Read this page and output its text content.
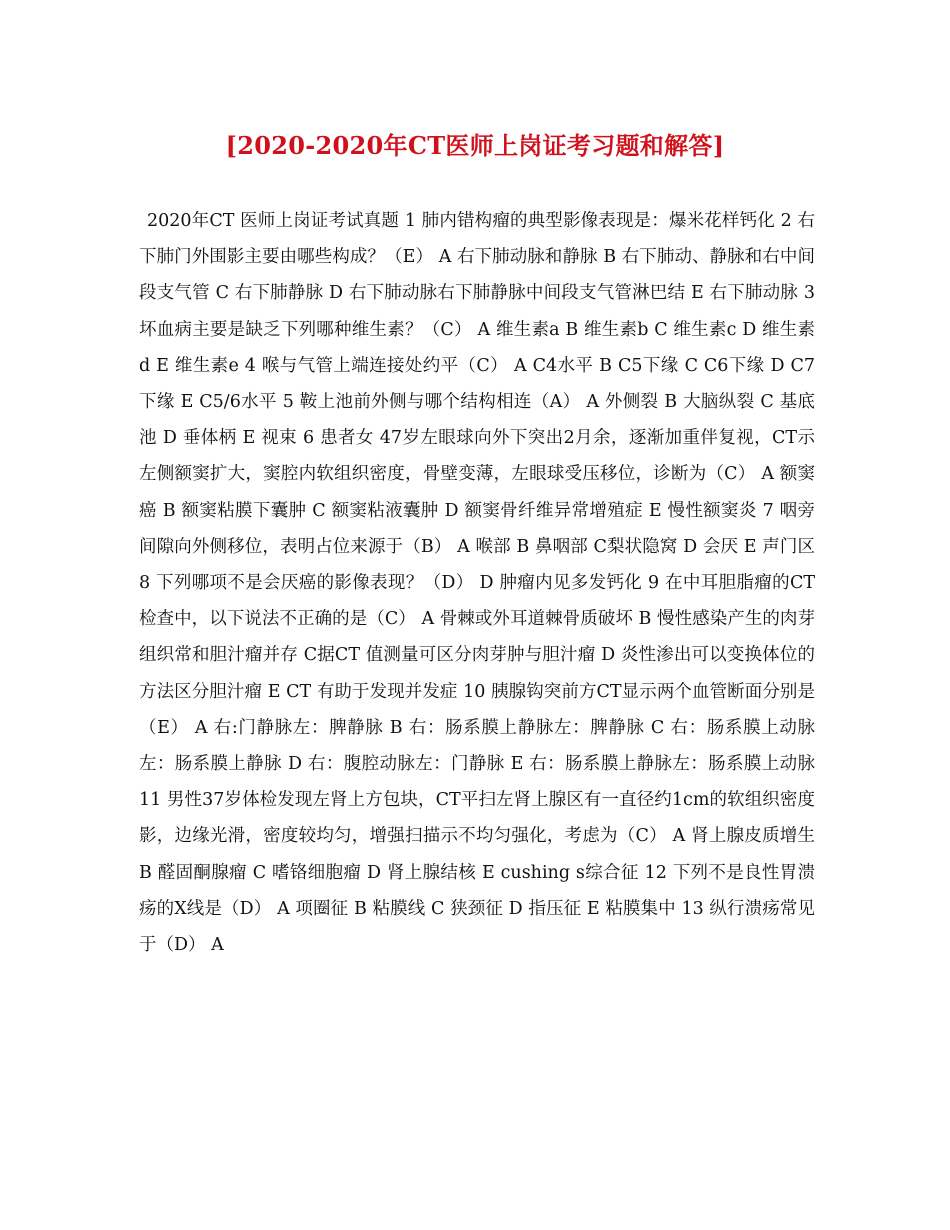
[2020-2020年CT医师上岗证考习题和解答]

2020年CT 医师上岗证考试真题 1 肺内错构瘤的典型影像表现是：爆米花样钙化 2 右下肺门外围影主要由哪些构成？（E） A 右下肺动脉和静脉 B 右下肺动、静脉和右中间段支气管 C 右下肺静脉 D 右下肺动脉右下肺静脉中间段支气管淋巴结 E 右下肺动脉 3 坏血病主要是缺乏下列哪种维生素？（C） A 维生素a B 维生素b C 维生素c D 维生素d E 维生素e 4 喉与气管上端连接处约平（C） A C4水平 B C5下缘 C C6下缘 D C7下缘 E C5/6水平 5 鞍上池前外侧与哪个结构相连（A） A 外侧裂 B 大脑纵裂 C 基底池 D 垂体柄 E 视束 6 患者女 47岁左眼球向外下突出2月余，逐渐加重伴复视，CT示左侧额窦扩大，窦腔内软组织密度，骨壁变薄，左眼球受压移位，诊断为（C） A 额窦癌 B 额窦粘膜下囊肿 C 额窦粘液囊肿 D 额窦骨纤维异常增殖症 E 慢性额窦炎 7 咽旁间隙向外侧移位，表明占位来源于（B） A 喉部 B 鼻咽部 C梨状隐窝 D 会厌 E 声门区 8 下列哪项不是会厌癌的影像表现？（D） D 肿瘤内见多发钙化 9 在中耳胆脂瘤的CT检查中，以下说法不正确的是（C） A 骨棘或外耳道棘骨质破坏 B 慢性感染产生的肉芽组织常和胆汁瘤并存 C据CT 值测量可区分肉芽肿与胆汁瘤 D 炎性渗出可以变换体位的方法区分胆汁瘤 E CT 有助于发现并发症 10 胰腺钩突前方CT显示两个血管断面分别是（E） A 右:门静脉左：脾静脉 B 右：肠系膜上静脉左：脾静脉 C 右：肠系膜上动脉左：肠系膜上静脉 D 右：腹腔动脉左：门静脉 E 右：肠系膜上静脉左：肠系膜上动脉 11 男性37岁体检发现左肾上方包块，CT平扫左肾上腺区有一直径约1cm的软组织密度影，边缘光滑，密度较均匀，增强扫描示不均匀强化，考虑为（C） A 肾上腺皮质增生 B 醛固酮腺瘤 C 嗜铬细胞瘤 D 肾上腺结核 E cushing s综合征 12 下列不是良性胃溃疡的X线是（D） A 项圈征 B 粘膜线 C 狭颈征 D 指压征 E 粘膜集中 13 纵行溃疡常见于（D） A
